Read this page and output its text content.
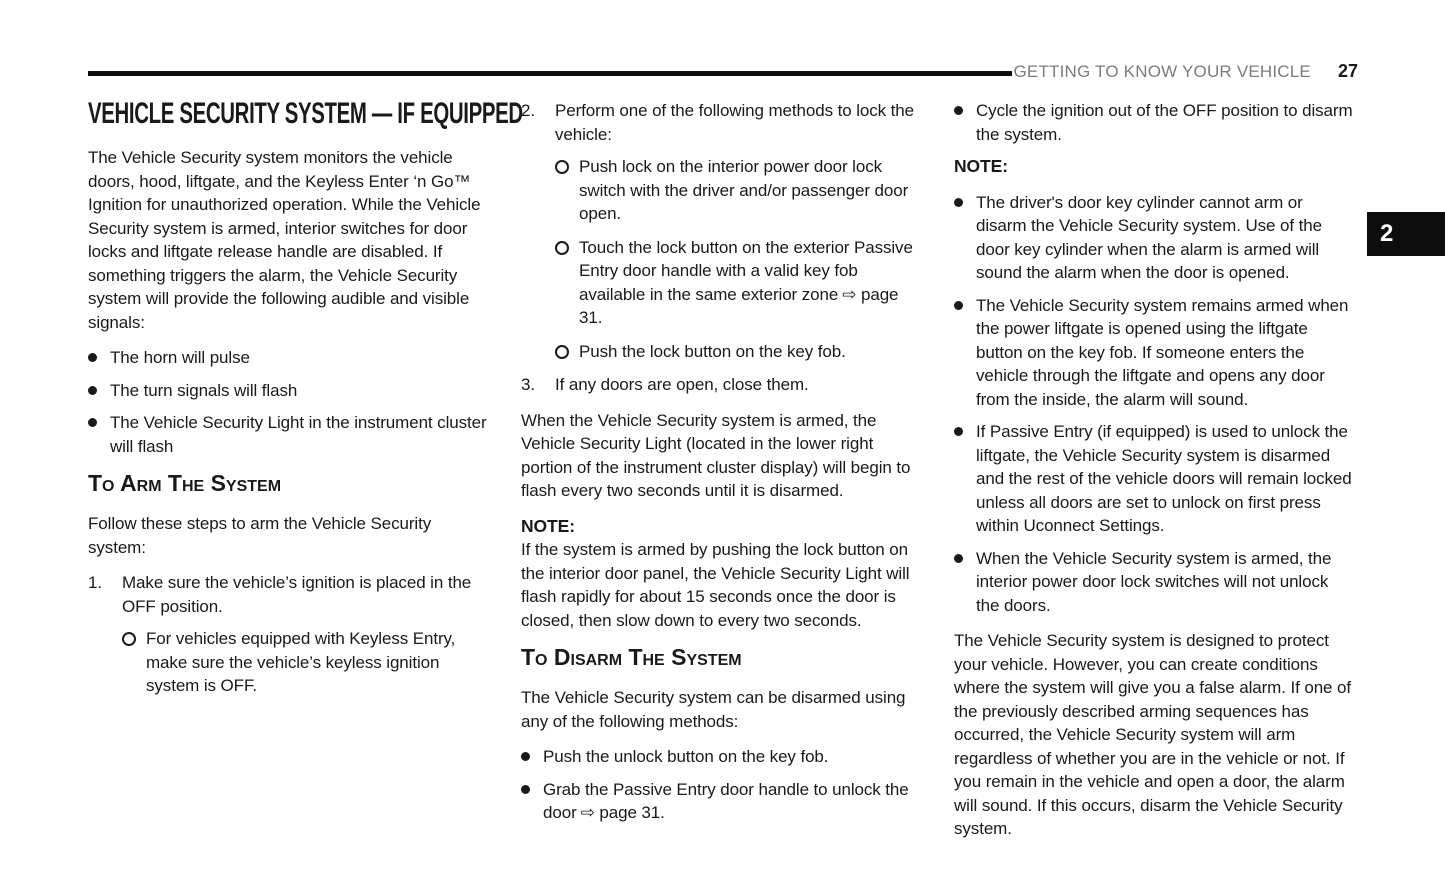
GETTING TO KNOW YOUR VEHICLE 27
2
VEHICLE SECURITY SYSTEM — IF EQUIPPED

The Vehicle Security system monitors the vehicle doors, hood, liftgate, and the Keyless Enter ‘n Go™ Ignition for unauthorized operation. While the Vehicle Security system is armed, interior switches for door locks and liftgate release handle are disabled. If something triggers the alarm, the Vehicle Security system will provide the following audible and visible signals:

The horn will pulse
The turn signals will flash
The Vehicle Security Light in the instrument cluster will flash
To Arm The System

Follow these steps to arm the Vehicle Security system:

1.	Make sure the vehicle’s ignition is placed in the OFF position.
For vehicles equipped with Keyless Entry, make sure the vehicle’s keyless ignition system is OFF.
2.	Perform one of the following methods to lock the vehicle:
Push lock on the interior power door lock switch with the driver and/or passenger door open.
Touch the lock button on the exterior Passive Entry door handle with a valid key fob available in the same exterior zone ⇨ page 31.
Push the lock button on the key fob.
3.	If any doors are open, close them.

When the Vehicle Security system is armed, the Vehicle Security Light (located in the lower right portion of the instrument cluster display) will begin to flash every two seconds until it is disarmed.

NOTE:

If the system is armed by pushing the lock button on the interior door panel, the Vehicle Security Light will flash rapidly for about 15 seconds once the door is closed, then slow down to every two seconds.

To Disarm The System

The Vehicle Security system can be disarmed using any of the following methods:

Push the unlock button on the key fob.
Grab the Passive Entry door handle to unlock the door ⇨ page 31.
Cycle the ignition out of the OFF position to disarm the system.

NOTE:

The driver's door key cylinder cannot arm or disarm the Vehicle Security system. Use of the door key cylinder when the alarm is armed will sound the alarm when the door is opened.
The Vehicle Security system remains armed when the power liftgate is opened using the liftgate button on the key fob. If someone enters the vehicle through the liftgate and opens any door from the inside, the alarm will sound.
If Passive Entry (if equipped) is used to unlock the liftgate, the Vehicle Security system is disarmed and the rest of the vehicle doors will remain locked unless all doors are set to unlock on first press within Uconnect Settings.
When the Vehicle Security system is armed, the interior power door lock switches will not unlock the doors.

The Vehicle Security system is designed to protect your vehicle. However, you can create conditions where the system will give you a false alarm. If one of the previously described arming sequences has occurred, the Vehicle Security system will arm regardless of whether you are in the vehicle or not. If you remain in the vehicle and open a door, the alarm will sound. If this occurs, disarm the Vehicle Security system.
